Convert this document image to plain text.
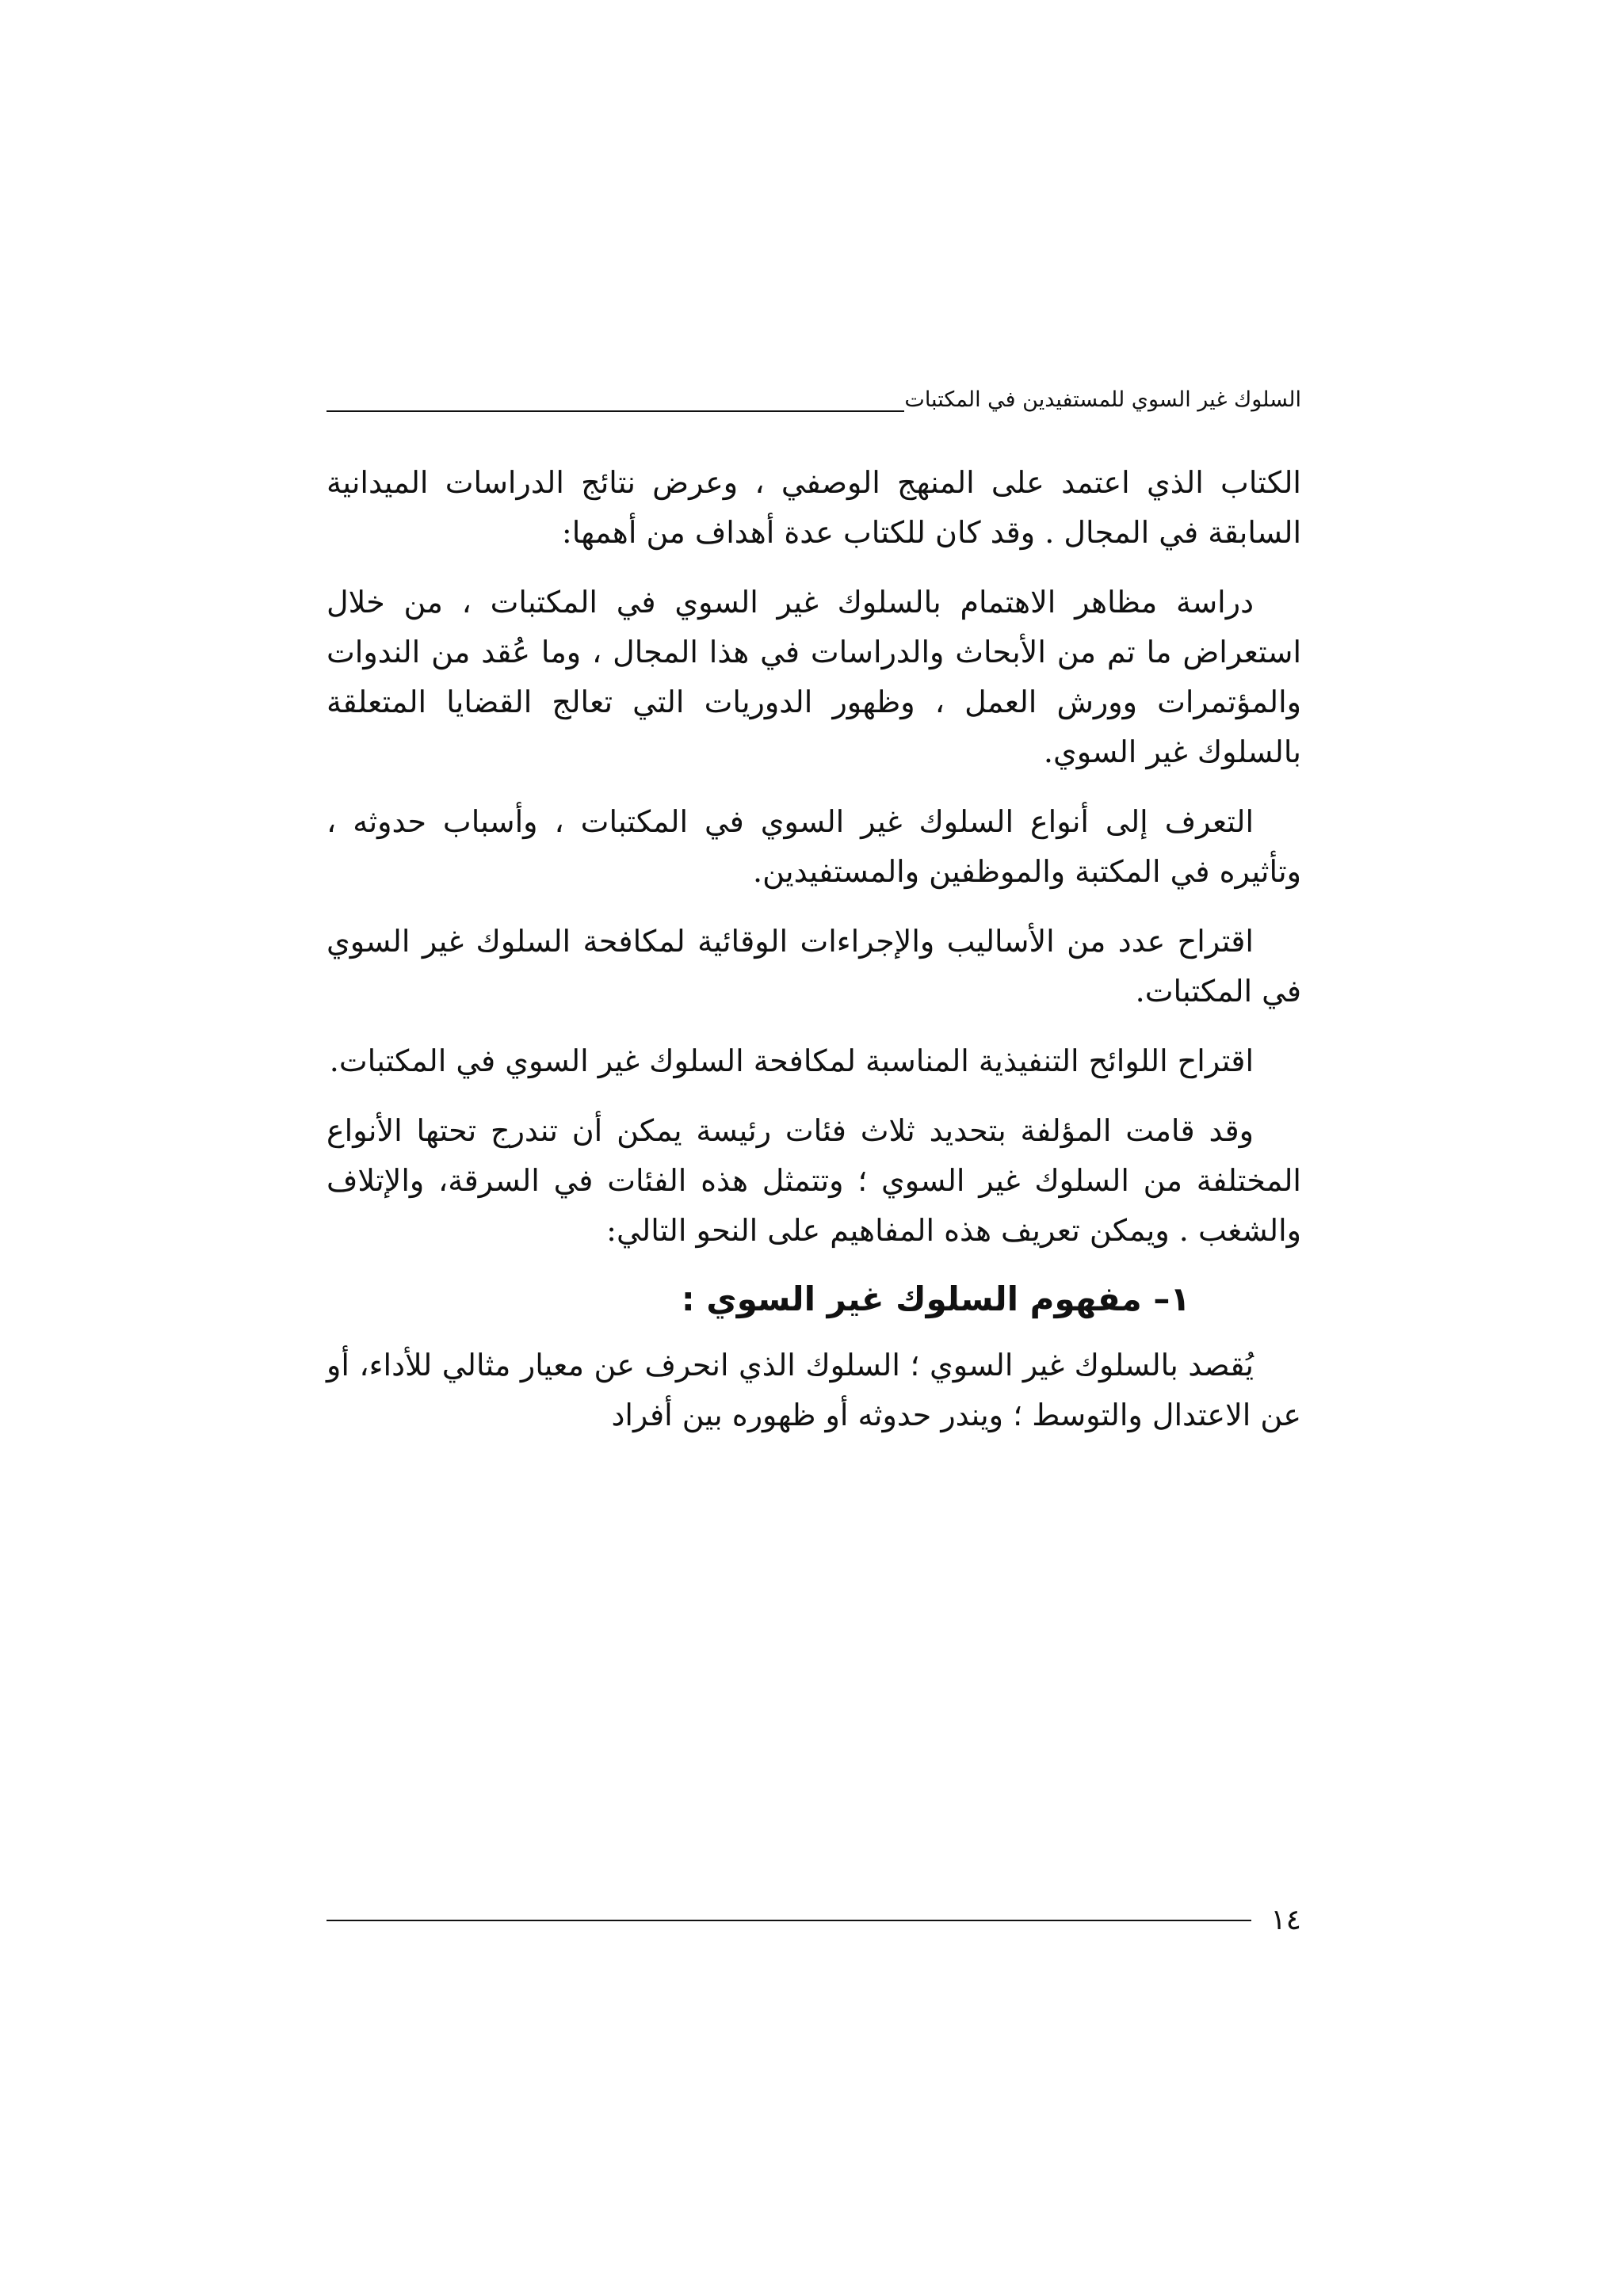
السلوك غير السوي للمستفيدين في المكتبات

الكتاب الذي اعتمد على المنهج الوصفي ، وعرض نتائج الدراسات الميدانية السابقة في المجال . وقد كان للكتاب عدة أهداف من أهمها:

دراسة مظاهر الاهتمام بالسلوك غير السوي في المكتبات ، من خلال استعراض ما تم من الأبحاث والدراسات في هذا المجال ، وما عُقد من الندوات والمؤتمرات وورش العمل ، وظهور الدوريات التي تعالج القضايا المتعلقة بالسلوك غير السوي.

التعرف إلى أنواع السلوك غير السوي في المكتبات ، وأسباب حدوثه ، وتأثيره في المكتبة والموظفين والمستفيدين.

اقتراح عدد من الأساليب والإجراءات الوقائية لمكافحة السلوك غير السوي في المكتبات.

اقتراح اللوائح التنفيذية المناسبة لمكافحة السلوك غير السوي في المكتبات.

وقد قامت المؤلفة بتحديد ثلاث فئات رئيسة يمكن أن تندرج تحتها الأنواع المختلفة من السلوك غير السوي ؛ وتتمثل هذه الفئات في السرقة، والإتلاف والشغب . ويمكن تعريف هذه المفاهيم على النحو التالي:

١– مفهوم السلوك غير السوي :

يُقصد بالسلوك غير السوي ؛ السلوك الذي انحرف عن معيار مثالي للأداء، أو عن الاعتدال والتوسط ؛ ويندر حدوثه أو ظهوره بين أفراد

١٤
